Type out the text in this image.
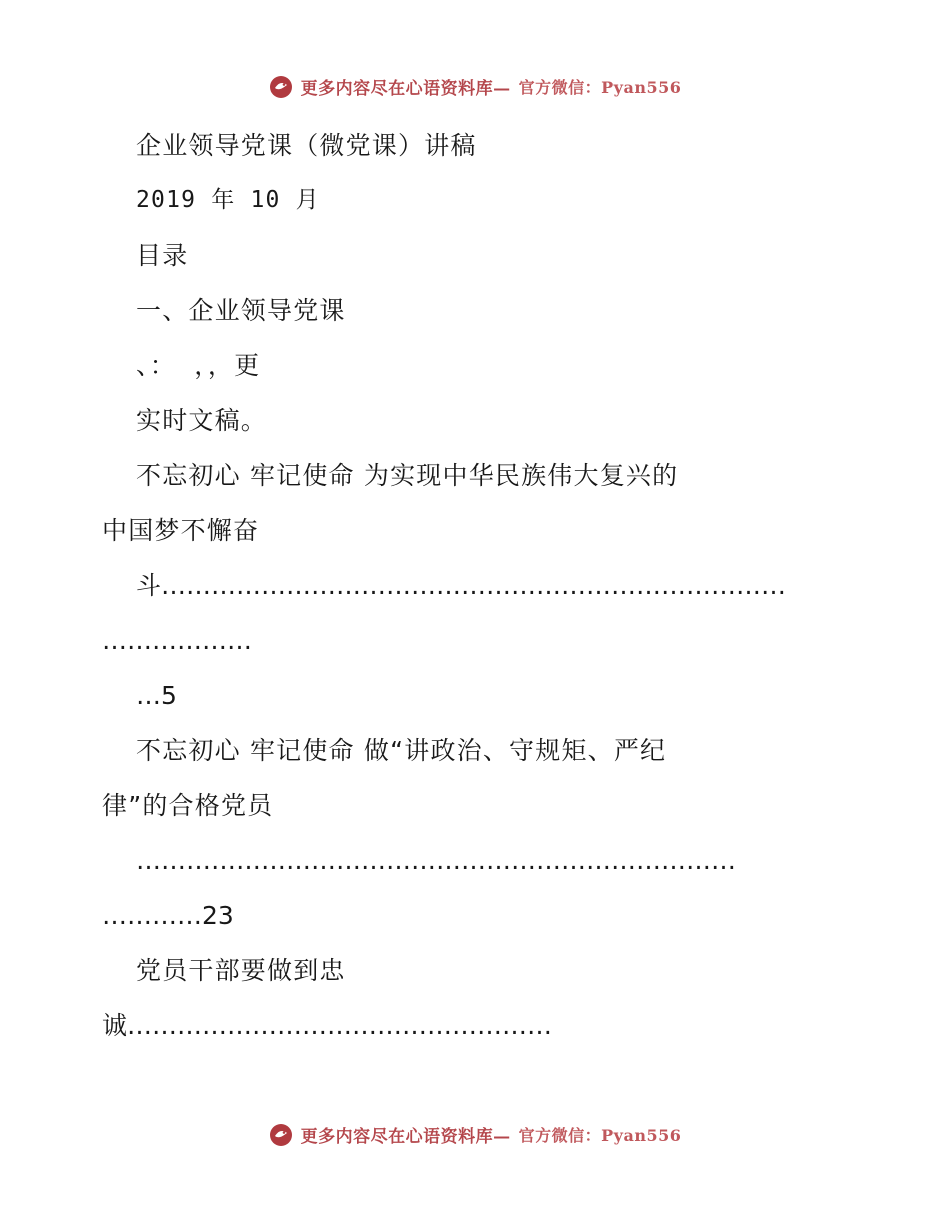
更多内容尽在心语资料库— 官方微信：Pyan556
企业领导党课（微党课）讲稿
2019 年 10 月
目录
一、企业领导党课
、：  ，，更
实时文稿。
不忘初心 牢记使命 为实现中华民族伟大复兴的
中国梦不懈奋
斗…………………………………………………………………
………………
…5
不忘初心 牢记使命 做“讲政治、守规矩、严纪
律”的合格党员
………………………………………………………………
…………23
党员干部要做到忠
诚……………………………………………
更多内容尽在心语资料库— 官方微信：Pyan556
